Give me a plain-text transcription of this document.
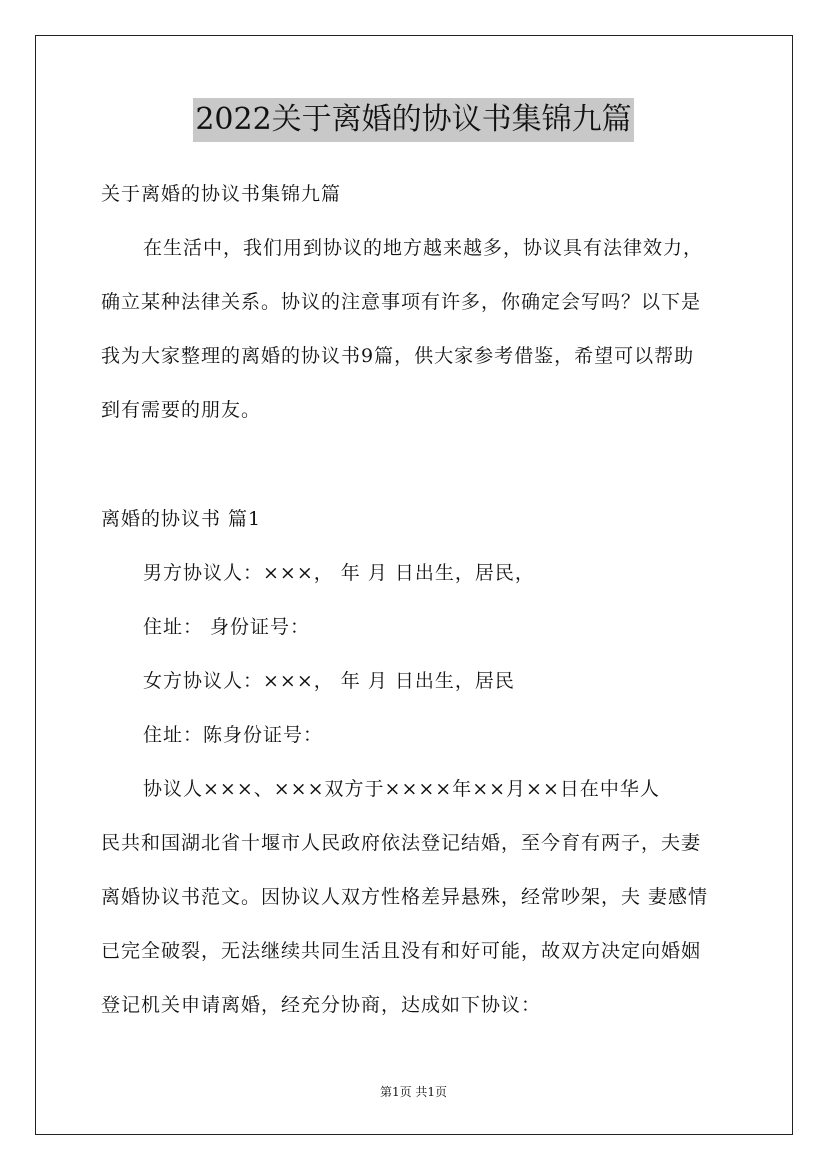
2022关于离婚的协议书集锦九篇
关于离婚的协议书集锦九篇
在生活中，我们用到协议的地方越来越多，协议具有法律效力，
确立某种法律关系。协议的注意事项有许多，你确定会写吗？以下是
我为大家整理的离婚的协议书9篇，供大家参考借鉴，希望可以帮助
到有需要的朋友。
离婚的协议书 篇1
男方协议人：×××， 年 月 日出生，居民，
住址： 身份证号：
女方协议人：×××， 年 月 日出生，居民
住址：陈身份证号：
协议人×××、×××双方于××××年××月××日在中华人
民共和国湖北省十堰市人民政府依法登记结婚，至今育有两子，夫妻
离婚协议书范文。因协议人双方性格差异悬殊，经常吵架，夫 妻感情
已完全破裂，无法继续共同生活且没有和好可能，故双方决定向婚姻
登记机关申请离婚，经充分协商，达成如下协议：
第1页 共1页
